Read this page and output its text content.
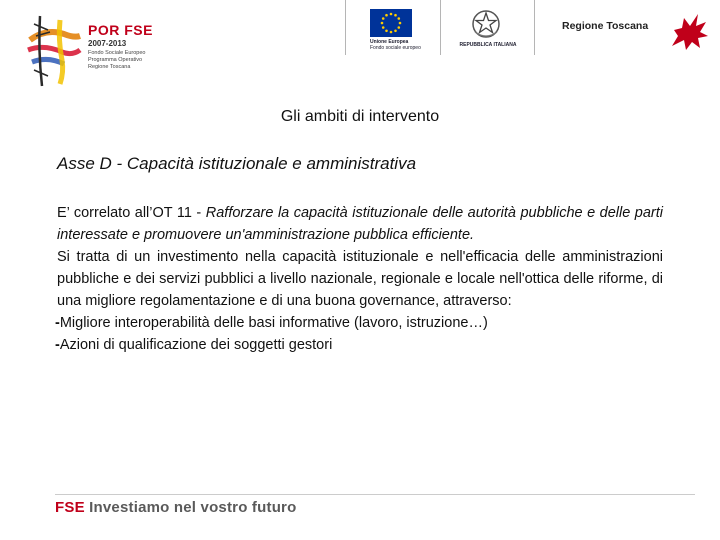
POR FSE
2007-2013
Fondo Sociale Europeo
Programma Operativo
Regione Toscana
Unione Europea
Fondo sociale europeo	REPUBBLICA ITALIANA
Regione Toscana
Gli ambiti di intervento
Asse D - Capacità istituzionale e amministrativa

E’ correlato all’OT 11 - Rafforzare la capacità istituzionale delle autorità pubbliche e delle parti interessate e promuovere un'amministrazione pubblica efficiente.

Si tratta di un investimento nella capacità istituzionale e nell'efficacia delle amministrazioni pubbliche e dei servizi pubblici a livello nazionale, regionale e locale nell'ottica delle riforme, di una migliore regolamentazione e di una buona governance, attraverso:

-Migliore interoperabilità delle basi informative (lavoro, istruzione…)

-Azioni di qualificazione dei soggetti gestori

FSE Investiamo nel vostro futuro
